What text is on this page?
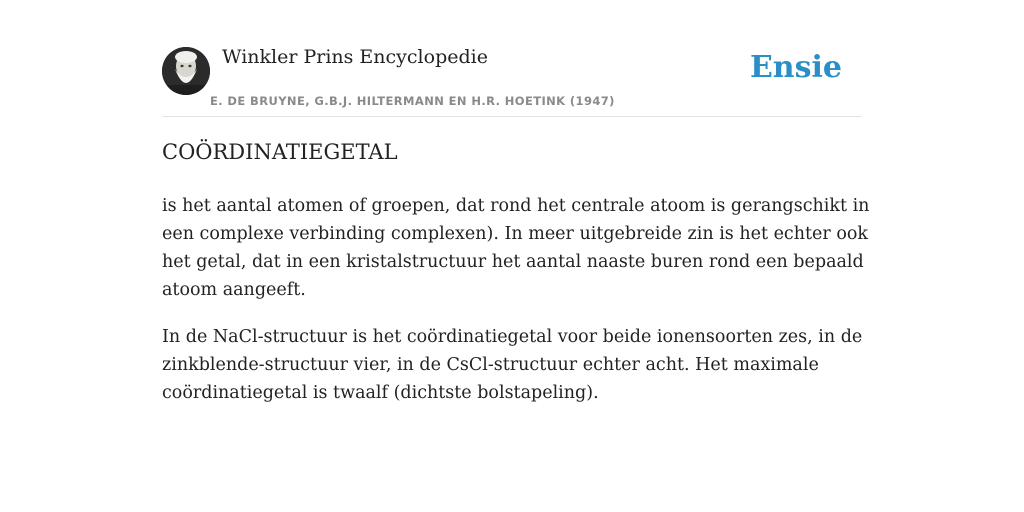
Winkler Prins Encyclopedie
E. DE BRUYNE, G.B.J. HILTERMANN EN H.R. HOETINK (1947)
Ensie
COÖRDINATIEGETAL

is het aantal atomen of groepen, dat rond het centrale atoom is gerangschikt in een complexe verbinding complexen). In meer uitgebreide zin is het echter ook het getal, dat in een kristalstructuur het aantal naaste buren rond een bepaald atoom aangeeft.

In de NaCl-structuur is het coördinatiegetal voor beide ionensoorten zes, in de zinkblende-structuur vier, in de CsCl-structuur echter acht. Het maximale coördinatiegetal is twaalf (dichtste bolstapeling).
